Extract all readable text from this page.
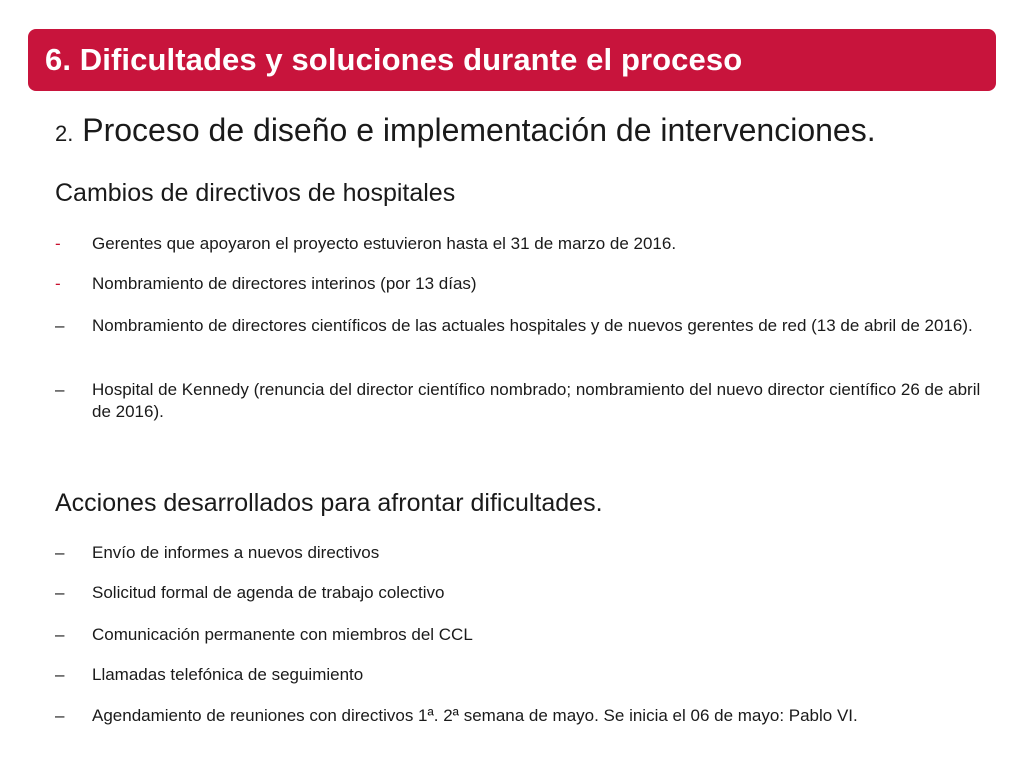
6. Dificultades y soluciones durante el proceso
2. Proceso de diseño e implementación de intervenciones.
Cambios de directivos de hospitales
-	Gerentes que apoyaron el proyecto estuvieron hasta el 31 de marzo de 2016.
-	Nombramiento de directores interinos (por 13 días)
–	Nombramiento de directores científicos de las actuales hospitales y de nuevos gerentes de red (13 de abril de 2016).
–	Hospital de Kennedy (renuncia del director científico nombrado; nombramiento del nuevo director científico 26 de abril de 2016).
Acciones desarrollados para afrontar dificultades.
–	Envío de informes a nuevos directivos
–	Solicitud formal de agenda de trabajo colectivo
–	Comunicación permanente con miembros del CCL
–	Llamadas telefónica de seguimiento
–	Agendamiento de reuniones con directivos 1ª. 2ª semana de mayo. Se inicia el 06 de mayo: Pablo VI.
